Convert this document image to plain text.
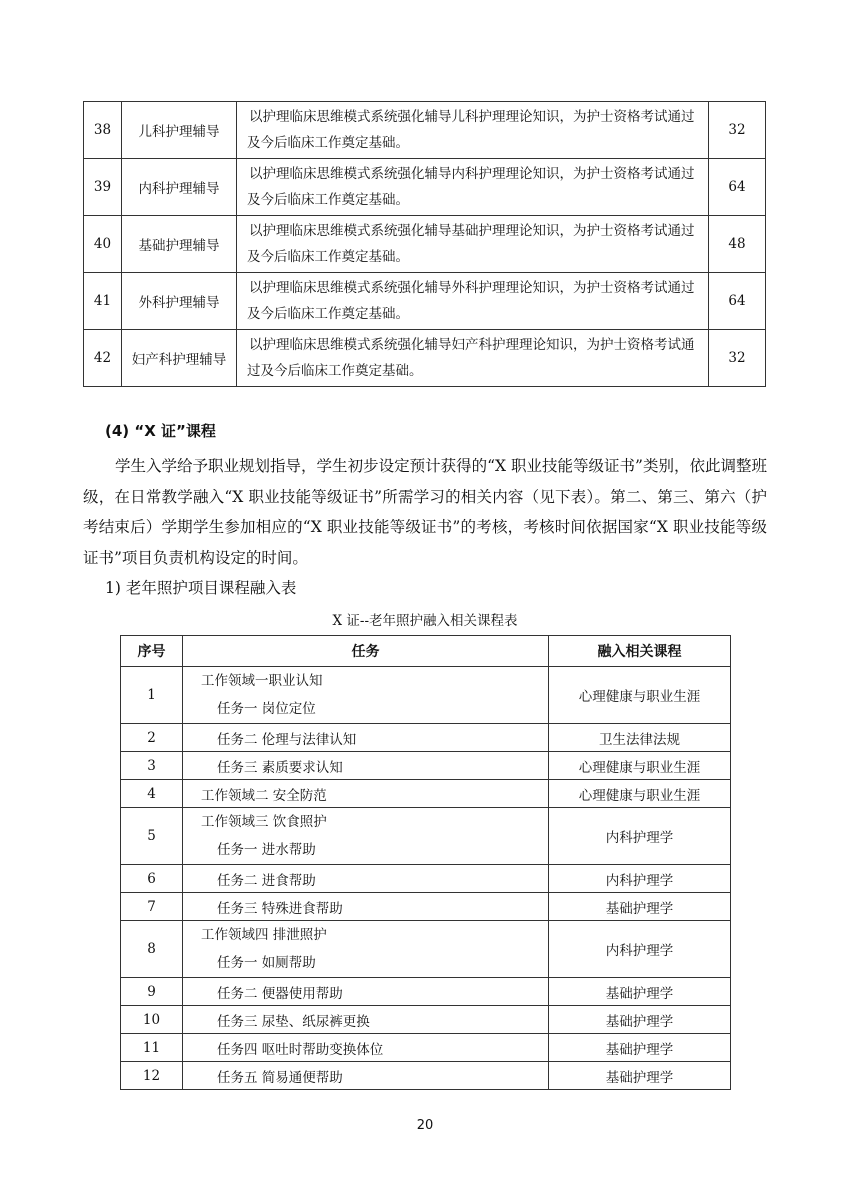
38	儿科护理辅导	以护理临床思维模式系统强化辅导儿科护理理论知识，为护士资格考试通过及今后临床工作奠定基础。	32
39	内科护理辅导	以护理临床思维模式系统强化辅导内科护理理论知识，为护士资格考试通过及今后临床工作奠定基础。	64
40	基础护理辅导	以护理临床思维模式系统强化辅导基础护理理论知识，为护士资格考试通过及今后临床工作奠定基础。	48
41	外科护理辅导	以护理临床思维模式系统强化辅导外科护理理论知识，为护士资格考试通过及今后临床工作奠定基础。	64
42	妇产科护理辅导	以护理临床思维模式系统强化辅导妇产科护理理论知识，为护士资格考试通过及今后临床工作奠定基础。	32
(4) “X 证”课程

学生入学给予职业规划指导，学生初步设定预计获得的“X 职业技能等级证书”类别，依此调整班级，在日常教学融入“X 职业技能等级证书”所需学习的相关内容（见下表）。第二、第三、第六（护考结束后）学期学生参加相应的“X 职业技能等级证书”的考核，考核时间依据国家“X 职业技能等级证书”项目负责机构设定的时间。

1) 老年照护项目课程融入表
X 证--老年照护融入相关课程表
序号	任务	融入相关课程
1	工作领域一职业认知
任务一 岗位定位	心理健康与职业生涯
2	任务二 伦理与法律认知	卫生法律法规
3	任务三 素质要求认知	心理健康与职业生涯
4	工作领域二 安全防范	心理健康与职业生涯
5	工作领域三 饮食照护
任务一 进水帮助	内科护理学
6	任务二 进食帮助	内科护理学
7	任务三 特殊进食帮助	基础护理学
8	工作领域四 排泄照护
任务一 如厕帮助	内科护理学
9	任务二 便器使用帮助	基础护理学
10	任务三 尿垫、纸尿裤更换	基础护理学
11	任务四 呕吐时帮助变换体位	基础护理学
12	任务五 简易通便帮助	基础护理学
20
